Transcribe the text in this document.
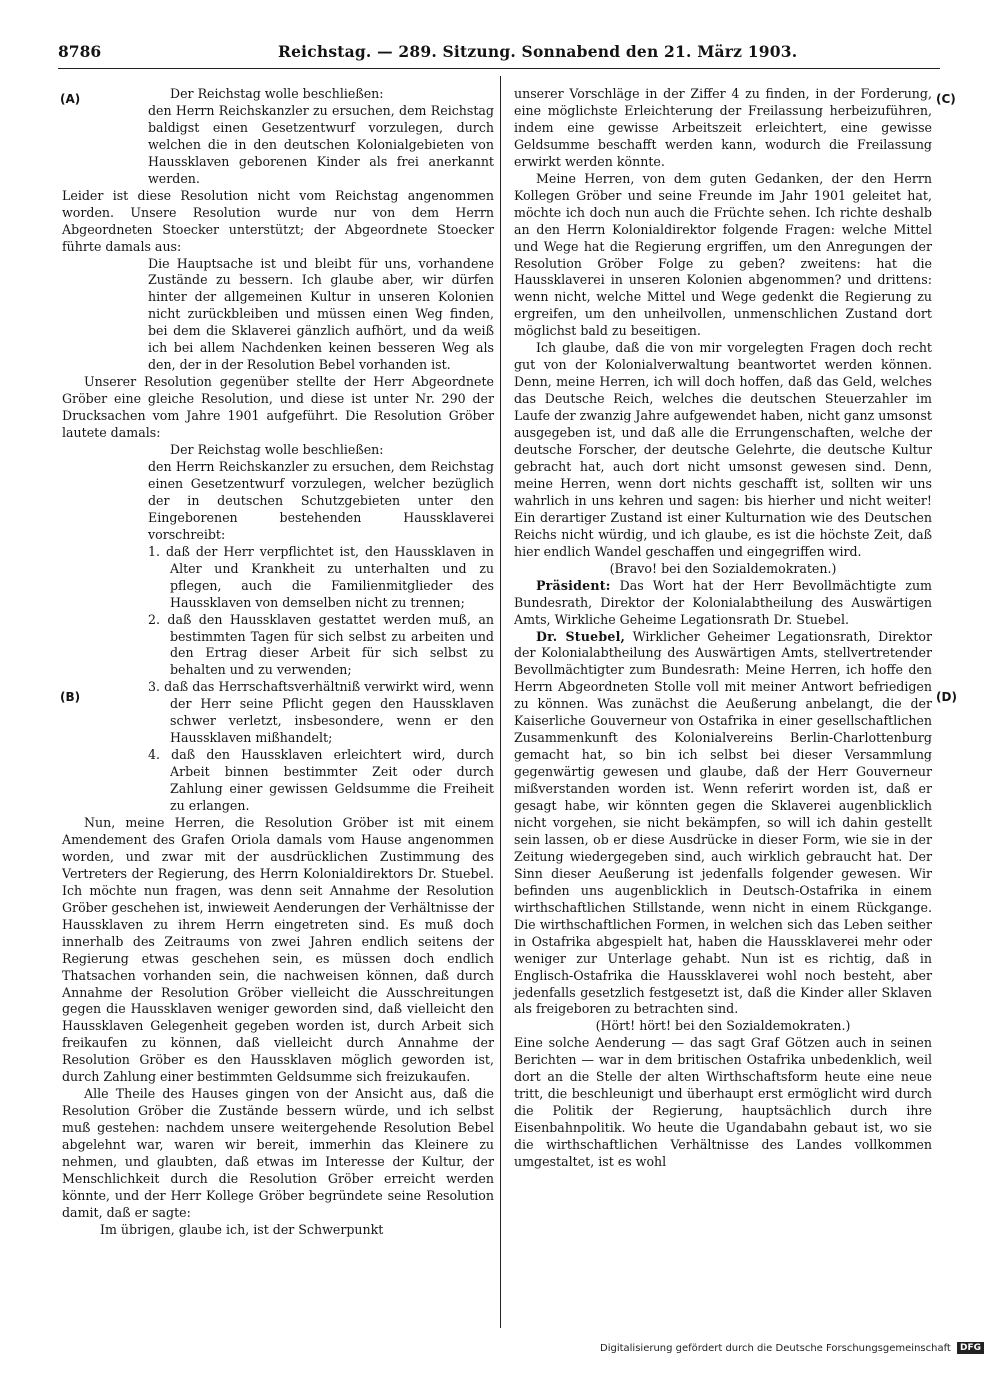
8786	Reichstag. — 289. Sitzung. Sonnabend den 21. März 1903.
(A)
(B)
(C)
(D)

Der Reichstag wolle beschließen:

den Herrn Reichskanzler zu ersuchen, dem Reichstag baldigst einen Gesetzentwurf vorzulegen, durch welchen die in den deutschen Kolonialgebieten von Haussklaven geborenen Kinder als frei anerkannt werden.

Leider ist diese Resolution nicht vom Reichstag angenommen worden. Unsere Resolution wurde nur von dem Herrn Abgeordneten Stoecker unterstützt; der Abgeordnete Stoecker führte damals aus:

Die Hauptsache ist und bleibt für uns, vorhandene Zustände zu bessern. Ich glaube aber, wir dürfen hinter der allgemeinen Kultur in unseren Kolonien nicht zurückbleiben und müssen einen Weg finden, bei dem die Sklaverei gänzlich aufhört, und da weiß ich bei allem Nachdenken keinen besseren Weg als den, der in der Resolution Bebel vorhanden ist.

Unserer Resolution gegenüber stellte der Herr Abgeordnete Gröber eine gleiche Resolution, und diese ist unter Nr. 290 der Drucksachen vom Jahre 1901 aufgeführt. Die Resolution Gröber lautete damals:

Der Reichstag wolle beschließen:

den Herrn Reichskanzler zu ersuchen, dem Reichstag einen Gesetzentwurf vorzulegen, welcher bezüglich der in deutschen Schutzgebieten unter den Eingeborenen bestehenden Haussklaverei vorschreibt:

1. daß der Herr verpflichtet ist, den Haussklaven in Alter und Krankheit zu unterhalten und zu pflegen, auch die Familienmitglieder des Haussklaven von demselben nicht zu trennen;

2. daß den Haussklaven gestattet werden muß, an bestimmten Tagen für sich selbst zu arbeiten und den Ertrag dieser Arbeit für sich selbst zu behalten und zu verwenden;

3. daß das Herrschaftsverhältniß verwirkt wird, wenn der Herr seine Pflicht gegen den Haussklaven schwer verletzt, insbesondere, wenn er den Haussklaven mißhandelt;

4. daß den Haussklaven erleichtert wird, durch Arbeit binnen bestimmter Zeit oder durch Zahlung einer gewissen Geldsumme die Freiheit zu erlangen.

Nun, meine Herren, die Resolution Gröber ist mit einem Amendement des Grafen Oriola damals vom Hause angenommen worden, und zwar mit der ausdrücklichen Zustimmung des Vertreters der Regierung, des Herrn Kolonialdirektors Dr. Stuebel. Ich möchte nun fragen, was denn seit Annahme der Resolution Gröber geschehen ist, inwieweit Aenderungen der Verhältnisse der Haussklaven zu ihrem Herrn eingetreten sind. Es muß doch innerhalb des Zeitraums von zwei Jahren endlich seitens der Regierung etwas geschehen sein, es müssen doch endlich Thatsachen vorhanden sein, die nachweisen können, daß durch Annahme der Resolution Gröber vielleicht die Ausschreitungen gegen die Haussklaven weniger geworden sind, daß vielleicht den Haussklaven Gelegenheit gegeben worden ist, durch Arbeit sich freikaufen zu können, daß vielleicht durch Annahme der Resolution Gröber es den Haussklaven möglich geworden ist, durch Zahlung einer bestimmten Geldsumme sich freizukaufen.

Alle Theile des Hauses gingen von der Ansicht aus, daß die Resolution Gröber die Zustände bessern würde, und ich selbst muß gestehen: nachdem unsere weitergehende Resolution Bebel abgelehnt war, waren wir bereit, immerhin das Kleinere zu nehmen, und glaubten, daß etwas im Interesse der Kultur, der Menschlichkeit durch die Resolution Gröber erreicht werden könnte, und der Herr Kollege Gröber begründete seine Resolution damit, daß er sagte:

Im übrigen, glaube ich, ist der Schwerpunkt

unserer Vorschläge in der Ziffer 4 zu finden, in der Forderung, eine möglichste Erleichterung der Freilassung herbeizuführen, indem eine gewisse Arbeitszeit erleichtert, eine gewisse Geldsumme beschafft werden kann, wodurch die Freilassung erwirkt werden könnte.

Meine Herren, von dem guten Gedanken, der den Herrn Kollegen Gröber und seine Freunde im Jahr 1901 geleitet hat, möchte ich doch nun auch die Früchte sehen. Ich richte deshalb an den Herrn Kolonialdirektor folgende Fragen: welche Mittel und Wege hat die Regierung ergriffen, um den Anregungen der Resolution Gröber Folge zu geben? zweitens: hat die Haussklaverei in unseren Kolonien abgenommen? und drittens: wenn nicht, welche Mittel und Wege gedenkt die Regierung zu ergreifen, um den unheilvollen, unmenschlichen Zustand dort möglichst bald zu beseitigen.

Ich glaube, daß die von mir vorgelegten Fragen doch recht gut von der Kolonialverwaltung beantwortet werden können. Denn, meine Herren, ich will doch hoffen, daß das Geld, welches das Deutsche Reich, welches die deutschen Steuerzahler im Laufe der zwanzig Jahre aufgewendet haben, nicht ganz umsonst ausgegeben ist, und daß alle die Errungenschaften, welche der deutsche Forscher, der deutsche Gelehrte, die deutsche Kultur gebracht hat, auch dort nicht umsonst gewesen sind. Denn, meine Herren, wenn dort nichts geschafft ist, sollten wir uns wahrlich in uns kehren und sagen: bis hierher und nicht weiter! Ein derartiger Zustand ist einer Kulturnation wie des Deutschen Reichs nicht würdig, und ich glaube, es ist die höchste Zeit, daß hier endlich Wandel geschaffen und eingegriffen wird.

(Bravo! bei den Sozialdemokraten.)

Präsident: Das Wort hat der Herr Bevollmächtigte zum Bundesrath, Direktor der Kolonialabtheilung des Auswärtigen Amts, Wirkliche Geheime Legationsrath Dr. Stuebel.

Dr. Stuebel, Wirklicher Geheimer Legationsrath, Direktor der Kolonialabtheilung des Auswärtigen Amts, stellvertretender Bevollmächtigter zum Bundesrath: Meine Herren, ich hoffe den Herrn Abgeordneten Stolle voll mit meiner Antwort befriedigen zu können. Was zunächst die Aeußerung anbelangt, die der Kaiserliche Gouverneur von Ostafrika in einer gesellschaftlichen Zusammenkunft des Kolonialvereins Berlin-Charlottenburg gemacht hat, so bin ich selbst bei dieser Versammlung gegenwärtig gewesen und glaube, daß der Herr Gouverneur mißverstanden worden ist. Wenn referirt worden ist, daß er gesagt habe, wir könnten gegen die Sklaverei augenblicklich nicht vorgehen, sie nicht bekämpfen, so will ich dahin gestellt sein lassen, ob er diese Ausdrücke in dieser Form, wie sie in der Zeitung wiedergegeben sind, auch wirklich gebraucht hat. Der Sinn dieser Aeußerung ist jedenfalls folgender gewesen. Wir befinden uns augenblicklich in Deutsch-Ostafrika in einem wirthschaftlichen Stillstande, wenn nicht in einem Rückgange. Die wirthschaftlichen Formen, in welchen sich das Leben seither in Ostafrika abgespielt hat, haben die Haussklaverei mehr oder weniger zur Unterlage gehabt. Nun ist es richtig, daß in Englisch-Ostafrika die Haussklaverei wohl noch besteht, aber jedenfalls gesetzlich festgesetzt ist, daß die Kinder aller Sklaven als freigeboren zu betrachten sind.

(Hört! hört! bei den Sozialdemokraten.)

Eine solche Aenderung — das sagt Graf Götzen auch in seinen Berichten — war in dem britischen Ostafrika unbedenklich, weil dort an die Stelle der alten Wirthschaftsform heute eine neue tritt, die beschleunigt und überhaupt erst ermöglicht wird durch die Politik der Regierung, hauptsächlich durch ihre Eisenbahnpolitik. Wo heute die Ugandabahn gebaut ist, wo sie die wirthschaftlichen Verhältnisse des Landes vollkommen umgestaltet, ist es wohl

Digitalisierung gefördert durch die Deutsche Forschungsgemeinschaft DFG
